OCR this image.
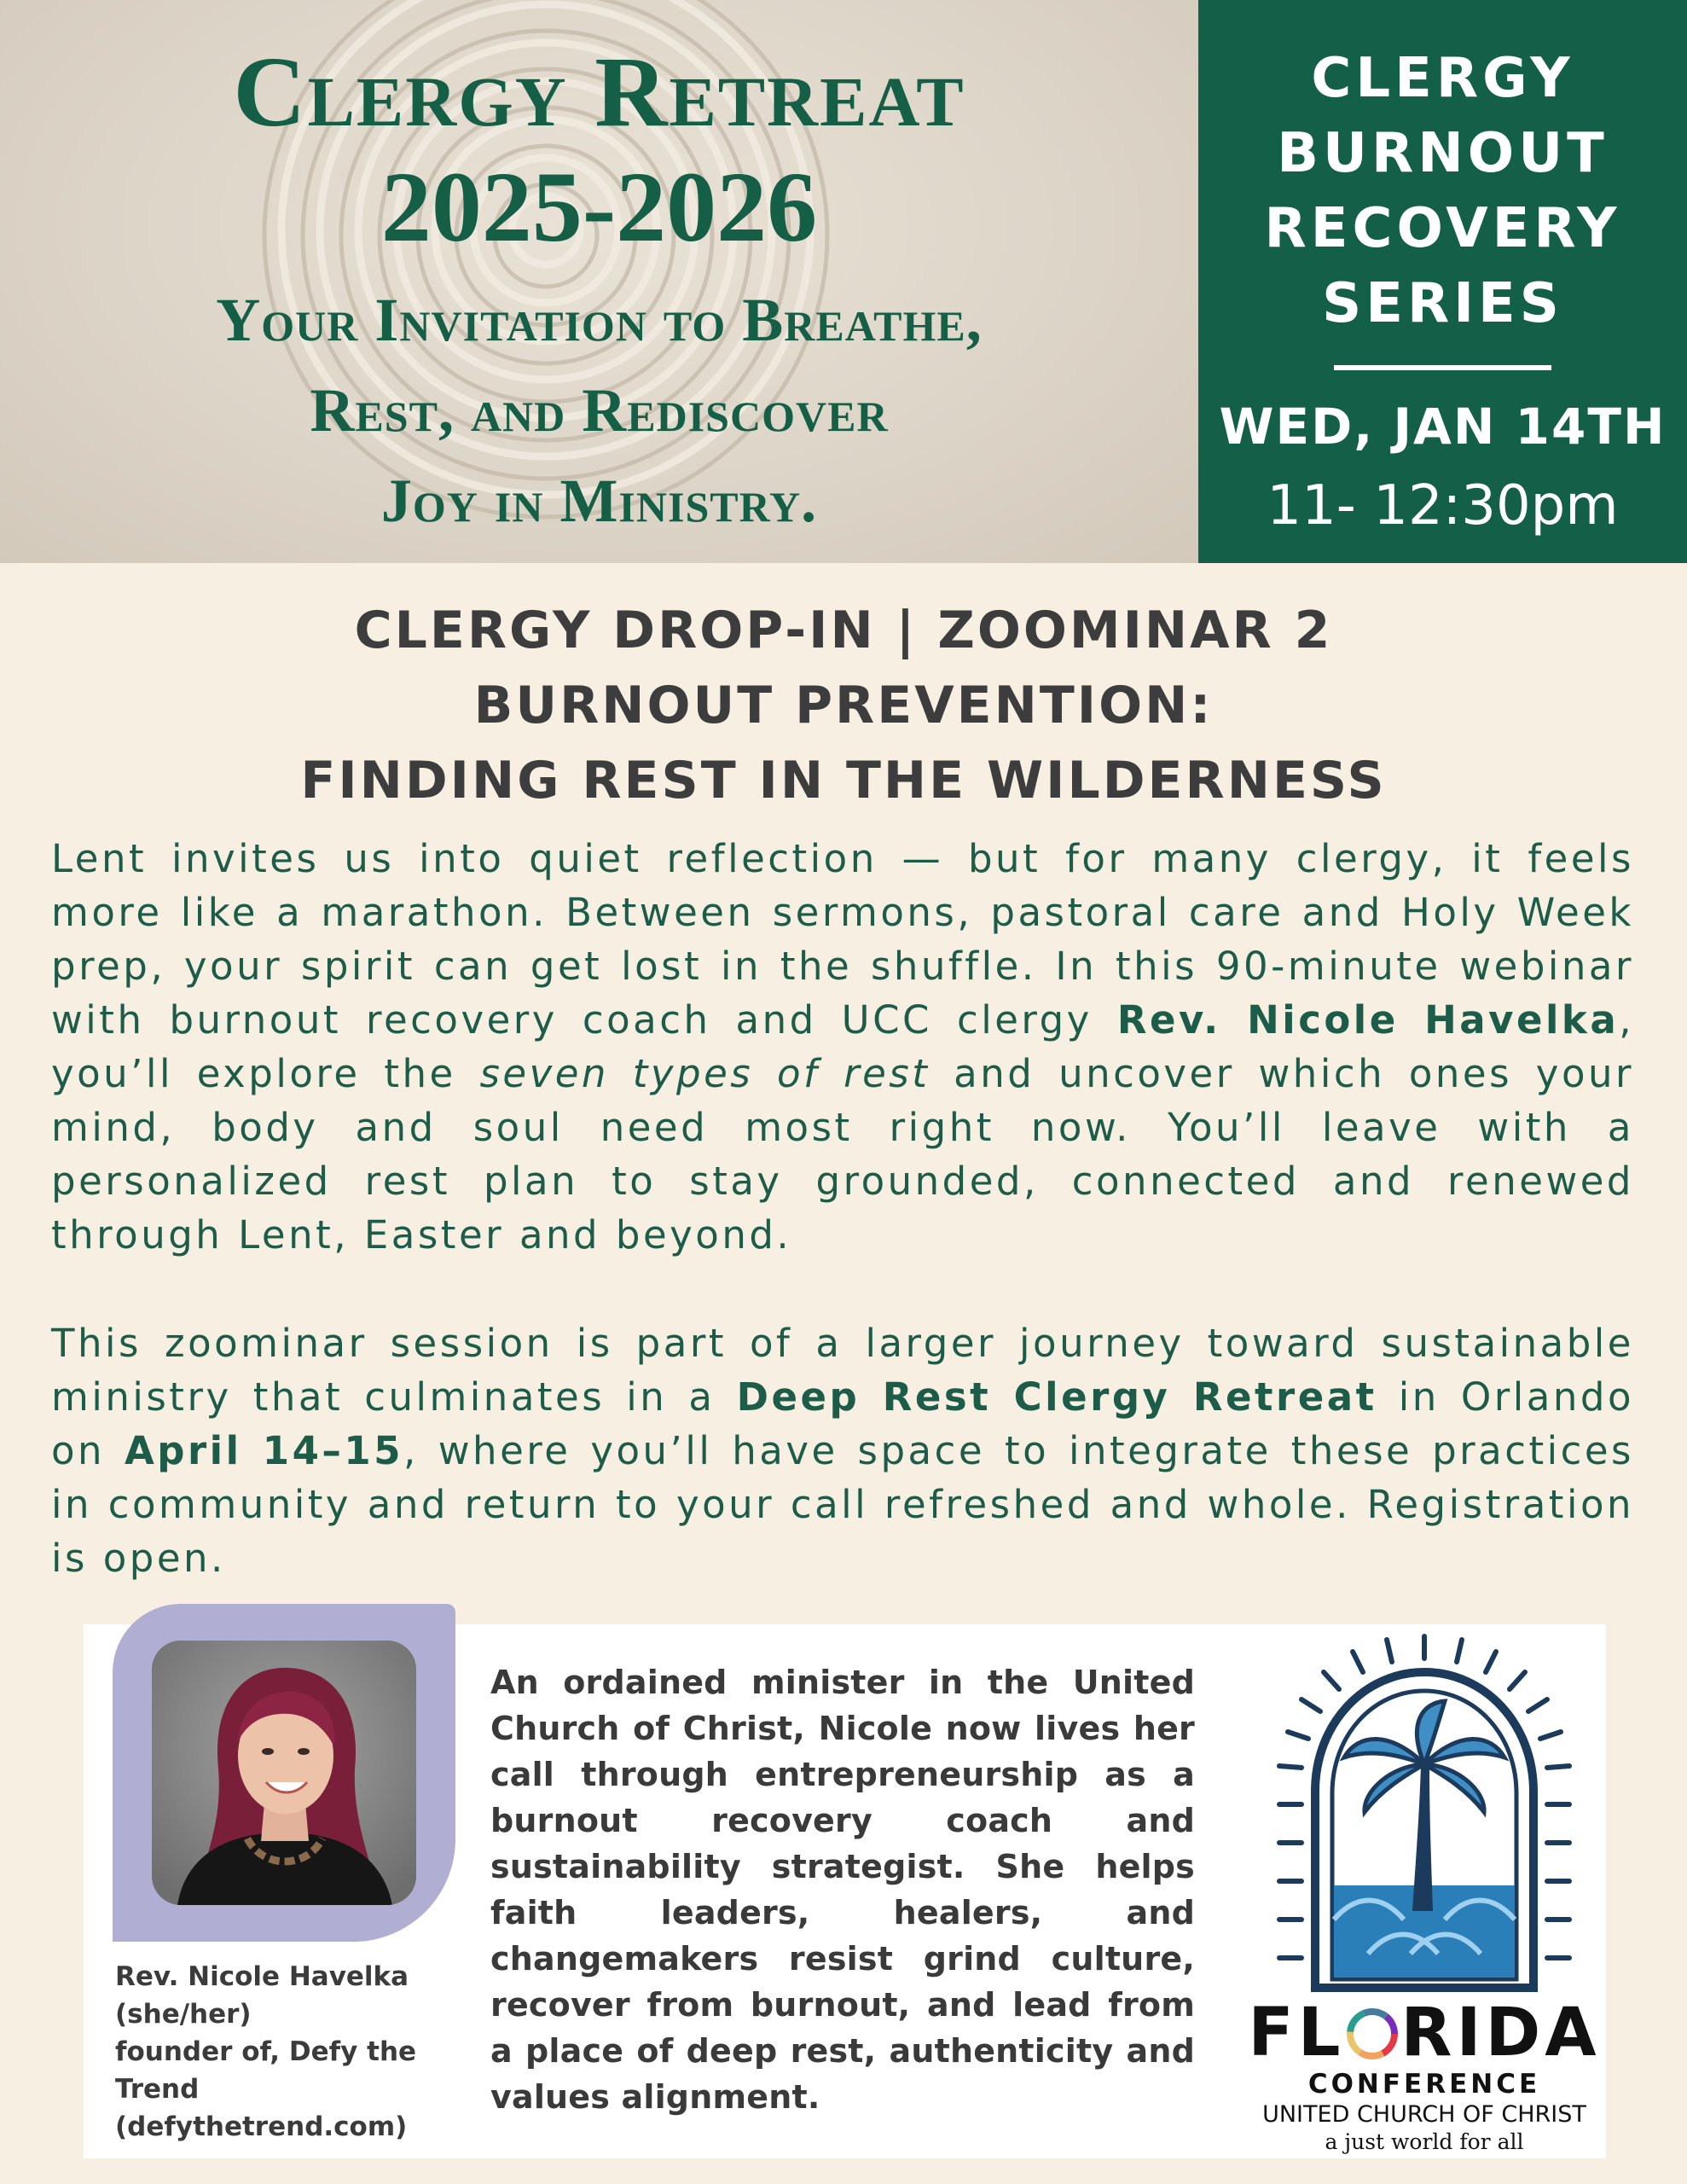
Clergy Retreat
2025-2026
Your Invitation to Breathe,
Rest, and Rediscover
Joy in Ministry.
CLERGY
BURNOUT
RECOVERY
SERIES
WED, JAN 14TH
11- 12:30pm
CLERGY DROP-IN | ZOOMINAR 2
BURNOUT PREVENTION:
FINDING REST IN THE WILDERNESS

Lent invites us into quiet reflection — but for many clergy, it feels more like a marathon. Between sermons, pastoral care and Holy Week prep, your spirit can get lost in the shuffle. In this 90-minute webinar with burnout recovery coach and UCC clergy Rev. Nicole Havelka, you’ll explore the seven types of rest and uncover which ones your mind, body and soul need most right now. You’ll leave with a personalized rest plan to stay grounded, connected and renewed through Lent, Easter and beyond.

This zoominar session is part of a larger journey toward sustainable ministry that culminates in a Deep Rest Clergy Retreat in Orlando on April 14–15, where you’ll have space to integrate these practices in community and return to your call refreshed and whole. Registration is open.

Rev. Nicole Havelka
(she/her)
founder of, Defy the
Trend
(defythetrend.com)

An ordained minister in the United Church of Christ, Nicole now lives her call through entrepreneurship as a burnout recovery coach and sustainability strategist. She helps faith leaders, healers, and changemakers resist grind culture, recover from burnout, and lead from a place of deep rest, authenticity and values alignment.

FL RIDA
CONFERENCE
UNITED CHURCH OF CHRIST
a just world for all
